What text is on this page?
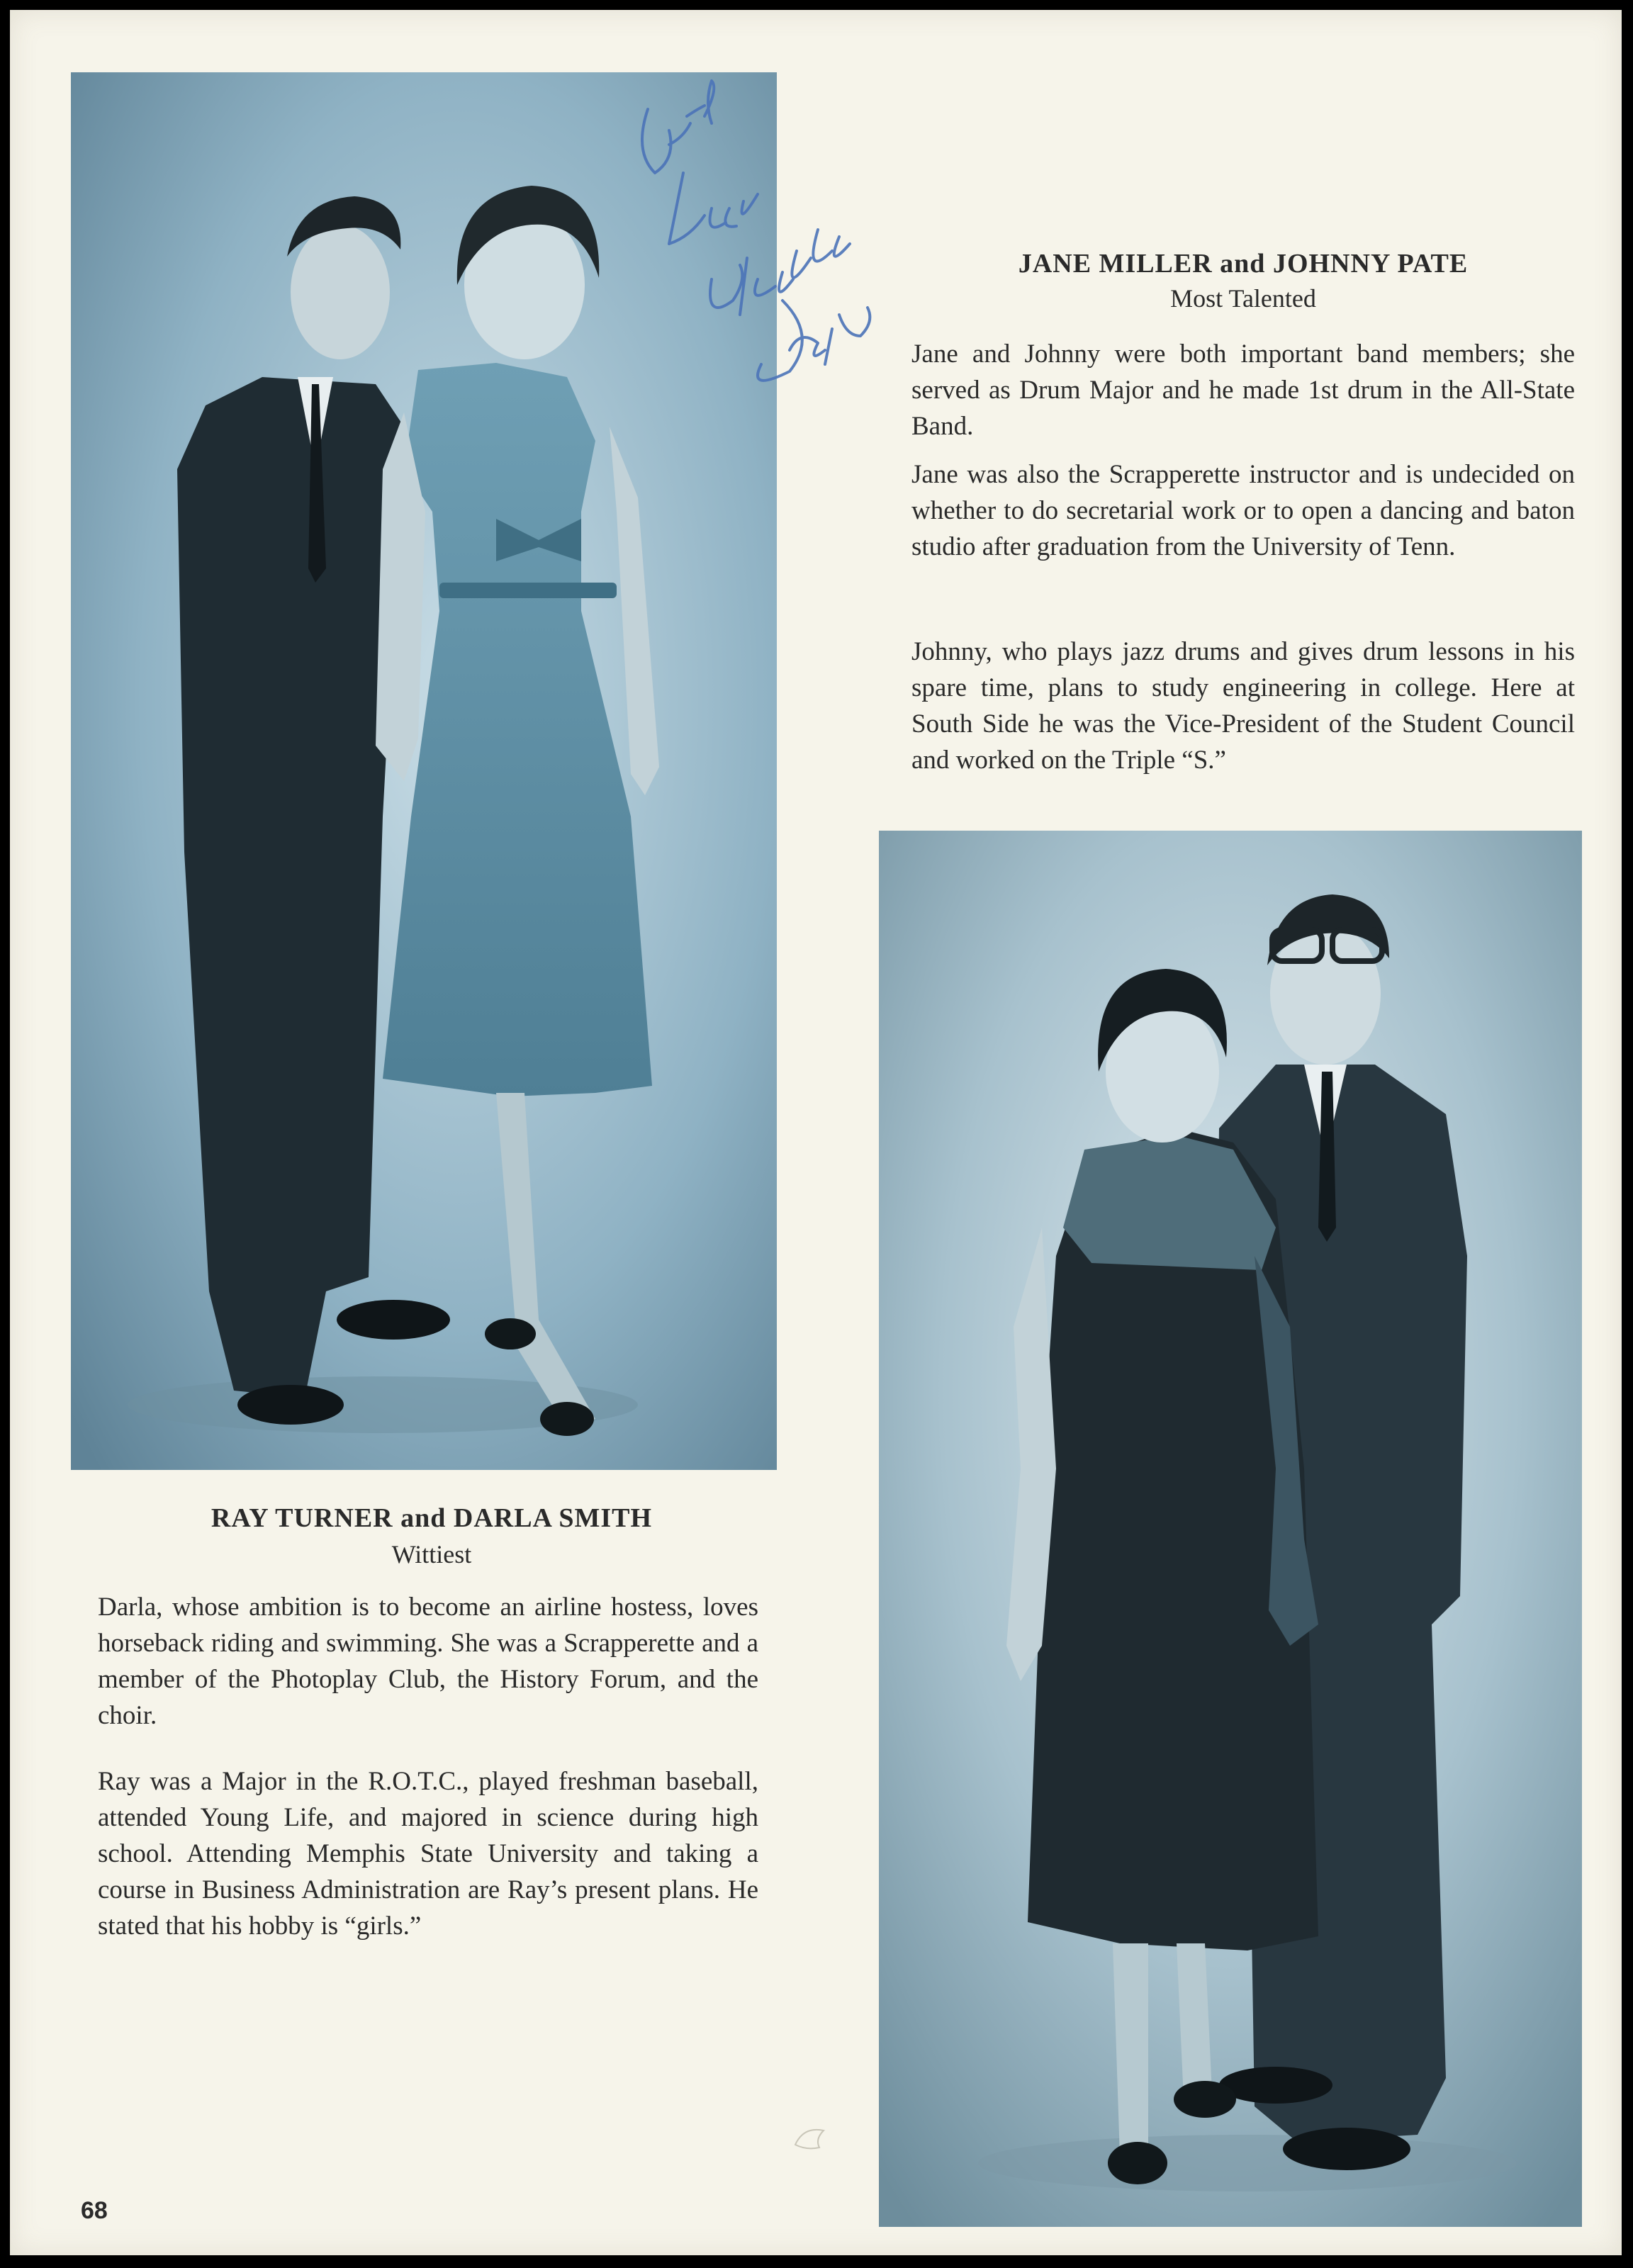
JANE MILLER and JOHNNY PATE

Most Talented

Jane and Johnny were both important band members; she served as Drum Major and he made 1st drum in the All-State Band.

Jane was also the Scrapperette instructor and is undecided on whether to do secretarial work or to open a dancing and baton studio after graduation from the University of Tenn.

Johnny, who plays jazz drums and gives drum lessons in his spare time, plans to study engineering in college. Here at South Side he was the Vice-President of the Student Council and worked on the Triple “S.”

RAY TURNER and DARLA SMITH

Wittiest

Darla, whose ambition is to become an airline hostess, loves horseback riding and swimming. She was a Scrapperette and a member of the Photoplay Club, the History Forum, and the choir.

Ray was a Major in the R.O.T.C., played freshman baseball, attended Young Life, and majored in science during high school. Attending Memphis State University and taking a course in Business Administration are Ray’s present plans. He stated that his hobby is “girls.”

68
